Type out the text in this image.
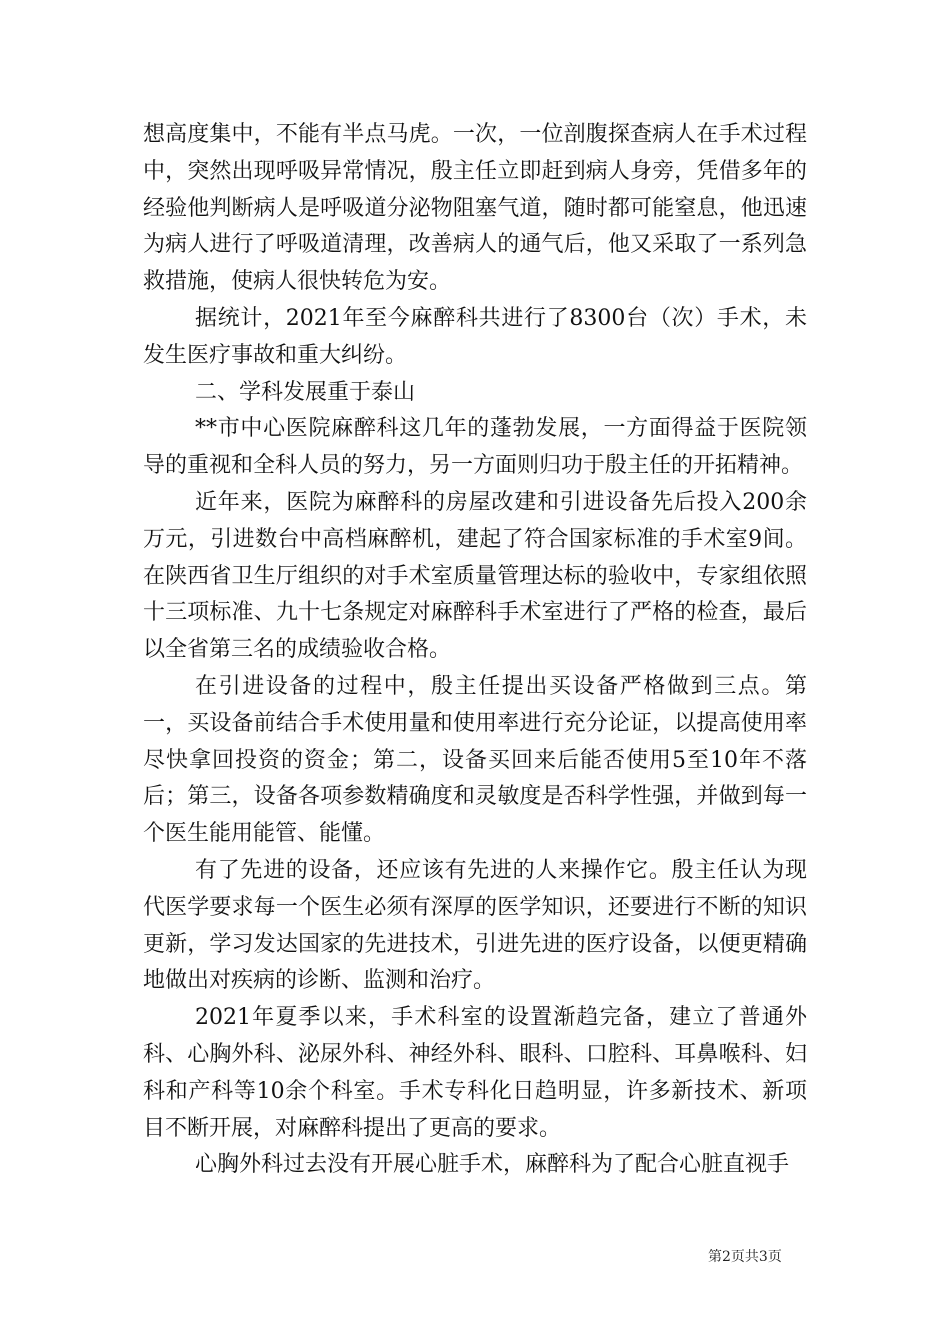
想高度集中，不能有半点马虎。一次，一位剖腹探查病人在手术过程中，突然出现呼吸异常情况，殷主任立即赶到病人身旁，凭借多年的经验他判断病人是呼吸道分泌物阻塞气道，随时都可能窒息，他迅速为病人进行了呼吸道清理，改善病人的通气后，他又采取了一系列急救措施，使病人很快转危为安。

据统计，2021年至今麻醉科共进行了8300台（次）手术，未发生医疗事故和重大纠纷。

二、学科发展重于泰山

**市中心医院麻醉科这几年的蓬勃发展，一方面得益于医院领导的重视和全科人员的努力，另一方面则归功于殷主任的开拓精神。

近年来，医院为麻醉科的房屋改建和引进设备先后投入200余万元，引进数台中高档麻醉机，建起了符合国家标准的手术室9间。在陕西省卫生厅组织的对手术室质量管理达标的验收中，专家组依照十三项标准、九十七条规定对麻醉科手术室进行了严格的检查，最后以全省第三名的成绩验收合格。

在引进设备的过程中，殷主任提出买设备严格做到三点。第一，买设备前结合手术使用量和使用率进行充分论证，以提高使用率尽快拿回投资的资金；第二，设备买回来后能否使用5至10年不落后；第三，设备各项参数精确度和灵敏度是否科学性强，并做到每一个医生能用能管、能懂。

有了先进的设备，还应该有先进的人来操作它。殷主任认为现代医学要求每一个医生必须有深厚的医学知识，还要进行不断的知识更新，学习发达国家的先进技术，引进先进的医疗设备，以便更精确地做出对疾病的诊断、监测和治疗。

2021年夏季以来，手术科室的设置渐趋完备，建立了普通外科、心胸外科、泌尿外科、神经外科、眼科、口腔科、耳鼻喉科、妇科和产科等10余个科室。手术专科化日趋明显，许多新技术、新项目不断开展，对麻醉科提出了更高的要求。

心胸外科过去没有开展心脏手术，麻醉科为了配合心脏直视手

第2页共3页
